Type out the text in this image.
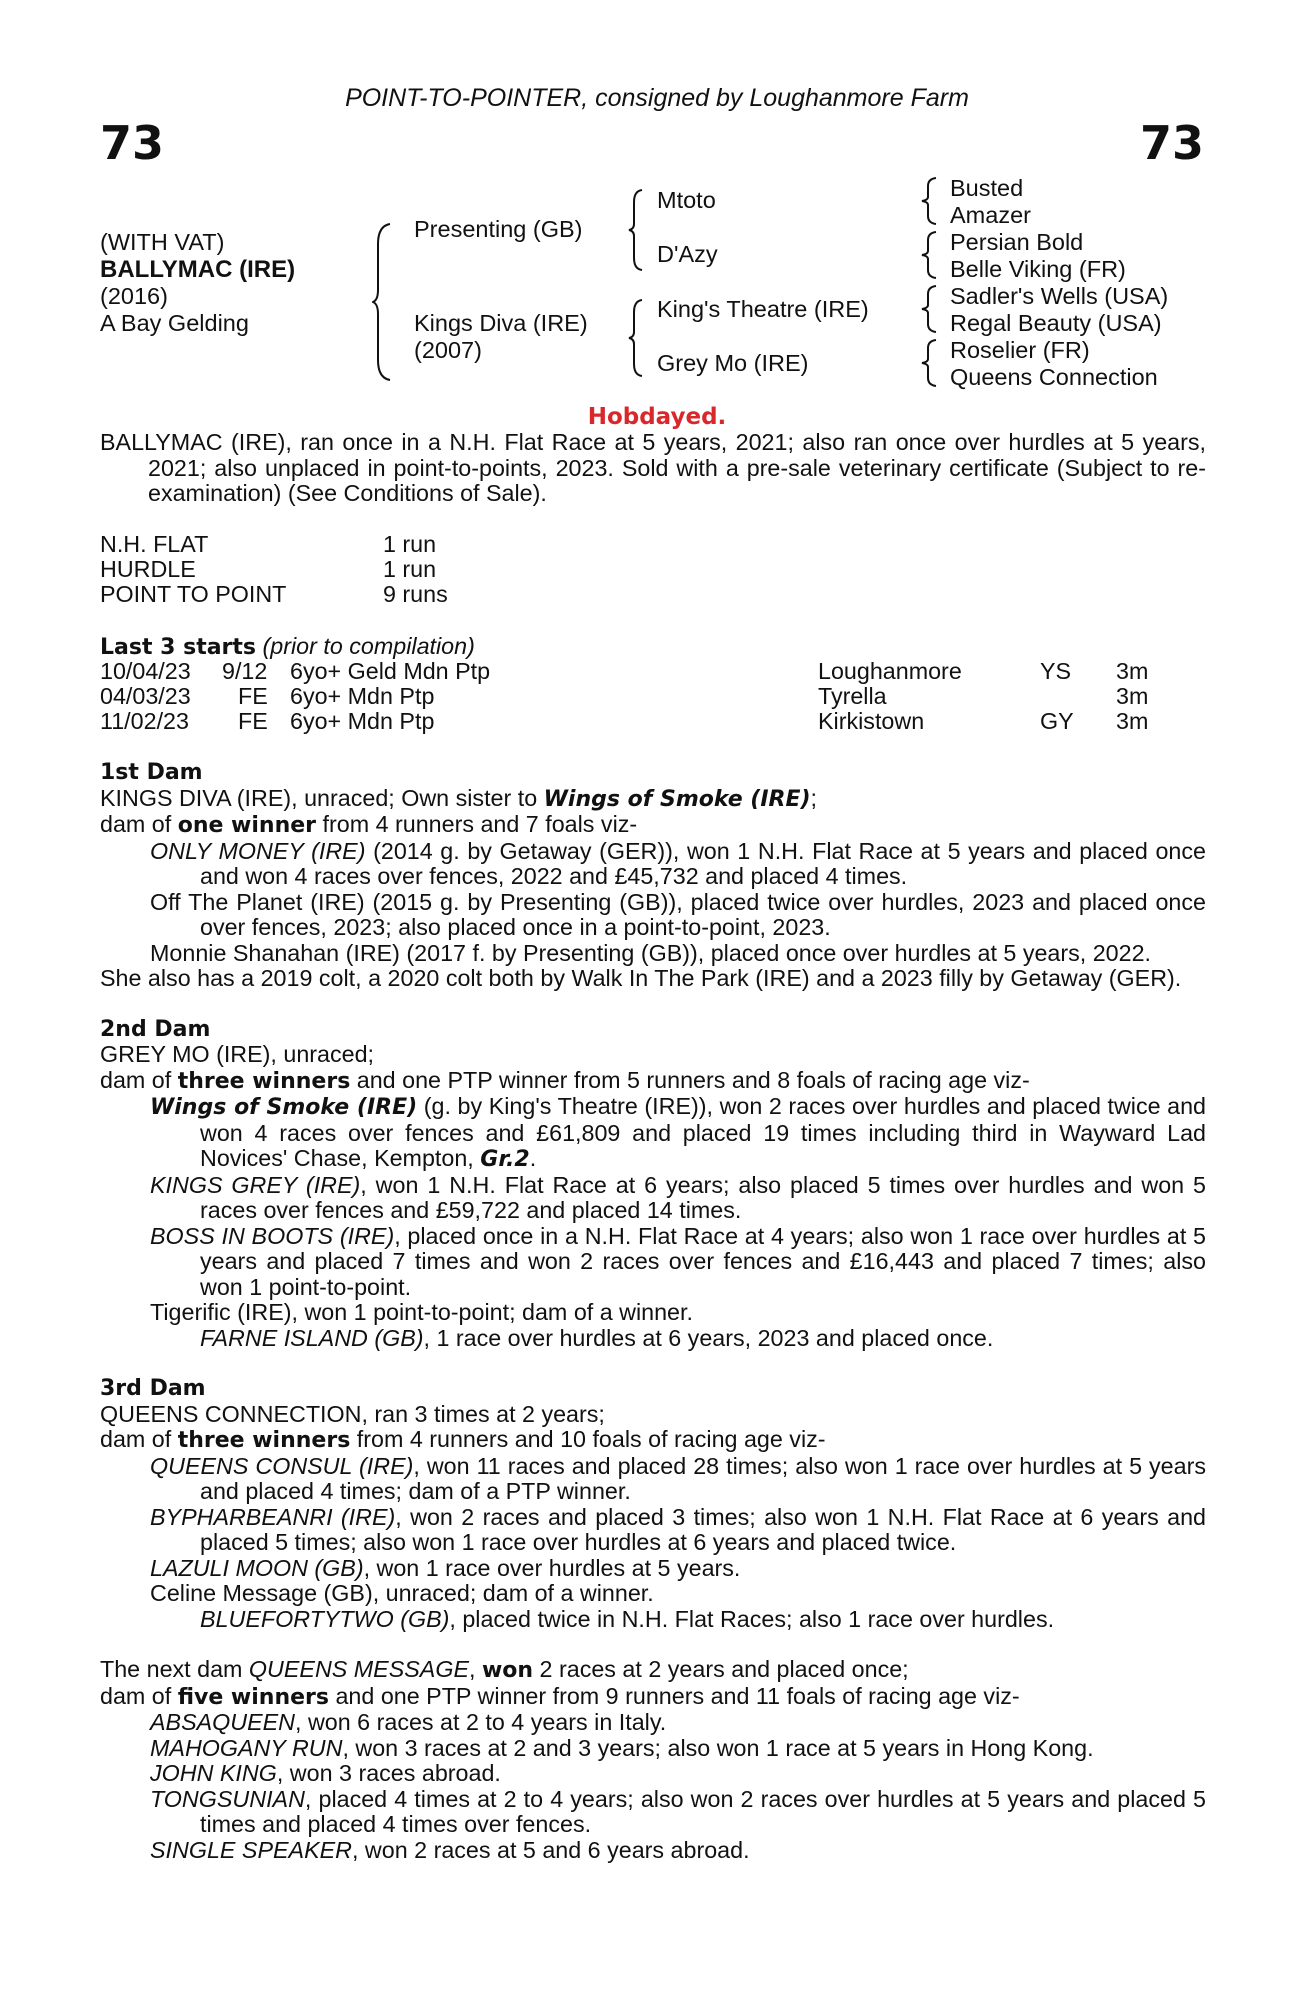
POINT-TO-POINTER, consigned by Loughanmore Farm
73	73
(WITH VAT)
BALLYMAC (IRE)
(2016)
A Bay Gelding
Presenting (GB)
Kings Diva (IRE)
(2007)
Mtoto
D'Azy
King's Theatre (IRE)
Grey Mo (IRE)
Busted
Amazer
Persian Bold
Belle Viking (FR)
Sadler's Wells (USA)
Regal Beauty (USA)
Roselier (FR)
Queens Connection
Hobdayed.

BALLYMAC (IRE), ran once in a N.H. Flat Race at 5 years, 2021; also ran once over hurdles at 5 years, 2021; also unplaced in point-to-points, 2023. Sold with a pre-sale veterinary certificate (Subject to re-examination) (See Conditions of Sale).

N.H. FLAT	1 run
HURDLE	1 run
POINT TO POINT	9 runs
Last 3 starts (prior to compilation)
10/04/23 9/12 6yo+ Geld Mdn Ptp	Loughanmore	YS 3m
04/03/23 FE 6yo+ Mdn Ptp	Tyrella	3m
11/02/23 FE 6yo+ Mdn Ptp	Kirkistown	GY 3m

1st Dam

KINGS DIVA (IRE), unraced; Own sister to Wings of Smoke (IRE);

dam of one winner from 4 runners and 7 foals viz-

ONLY MONEY (IRE) (2014 g. by Getaway (GER)), won 1 N.H. Flat Race at 5 years and placed once and won 4 races over fences, 2022 and £45,732 and placed 4 times.

Off The Planet (IRE) (2015 g. by Presenting (GB)), placed twice over hurdles, 2023 and placed once over fences, 2023; also placed once in a point-to-point, 2023.

Monnie Shanahan (IRE) (2017 f. by Presenting (GB)), placed once over hurdles at 5 years, 2022.

She also has a 2019 colt, a 2020 colt both by Walk In The Park (IRE) and a 2023 filly by Getaway (GER).

2nd Dam

GREY MO (IRE), unraced;

dam of three winners and one PTP winner from 5 runners and 8 foals of racing age viz-

Wings of Smoke (IRE) (g. by King's Theatre (IRE)), won 2 races over hurdles and placed twice and won 4 races over fences and £61,809 and placed 19 times including third in Wayward Lad Novices' Chase, Kempton, Gr.2.

KINGS GREY (IRE), won 1 N.H. Flat Race at 6 years; also placed 5 times over hurdles and won 5 races over fences and £59,722 and placed 14 times.

BOSS IN BOOTS (IRE), placed once in a N.H. Flat Race at 4 years; also won 1 race over hurdles at 5 years and placed 7 times and won 2 races over fences and £16,443 and placed 7 times; also won 1 point-to-point.

Tigerific (IRE), won 1 point-to-point; dam of a winner.

FARNE ISLAND (GB), 1 race over hurdles at 6 years, 2023 and placed once.

3rd Dam

QUEENS CONNECTION, ran 3 times at 2 years;

dam of three winners from 4 runners and 10 foals of racing age viz-

QUEENS CONSUL (IRE), won 11 races and placed 28 times; also won 1 race over hurdles at 5 years and placed 4 times; dam of a PTP winner.

BYPHARBEANRI (IRE), won 2 races and placed 3 times; also won 1 N.H. Flat Race at 6 years and placed 5 times; also won 1 race over hurdles at 6 years and placed twice.

LAZULI MOON (GB), won 1 race over hurdles at 5 years.

Celine Message (GB), unraced; dam of a winner.

BLUEFORTYTWO (GB), placed twice in N.H. Flat Races; also 1 race over hurdles.

The next dam QUEENS MESSAGE, won 2 races at 2 years and placed once;

dam of five winners and one PTP winner from 9 runners and 11 foals of racing age viz-

ABSAQUEEN, won 6 races at 2 to 4 years in Italy.

MAHOGANY RUN, won 3 races at 2 and 3 years; also won 1 race at 5 years in Hong Kong.

JOHN KING, won 3 races abroad.

TONGSUNIAN, placed 4 times at 2 to 4 years; also won 2 races over hurdles at 5 years and placed 5 times and placed 4 times over fences.

SINGLE SPEAKER, won 2 races at 5 and 6 years abroad.
